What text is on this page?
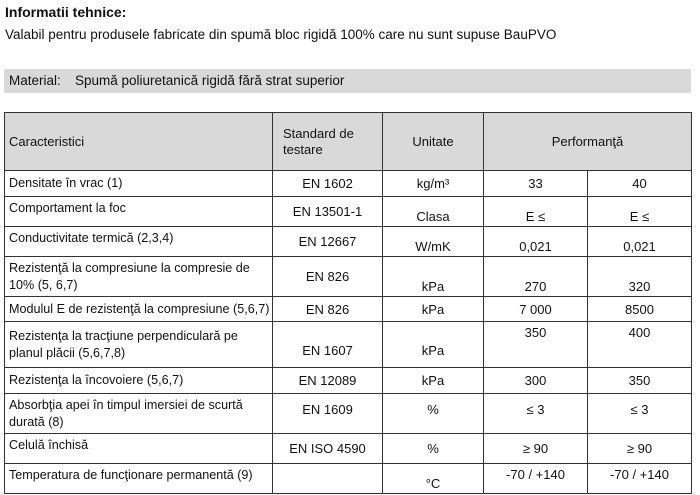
Informatii tehnice:
Valabil pentru produsele fabricate din spumă bloc rigidă 100% care nu sunt supuse BauPVO
Material: Spumă poliuretanică rigidă fără strat superior
Caracteristici	Standard de testare	Unitate	Performanţă	
Densitate în vrac (1)	EN 1602	kg/m³	33	40
Comportament la foc	EN 13501-1	Clasa	E ≤	E ≤
Conductivitate termică (2,3,4)	EN 12667	W/mK	0,021	0,021
Rezistenţă la compresiune la compresie de 10% (5, 6,7)	EN 826	kPa	270	320
Modulul E de rezistenţă la compresiune (5,6,7)	EN 826	kPa	7 000	8500
Rezistenţa la tracţiune perpendiculară pe planul plăcii (5,6,7,8)	EN 1607	kPa	350	400
Rezistenţa la încovoiere (5,6,7)	EN 12089	kPa	300	350
Absorbţia apei în timpul imersiei de scurtă durată (8)	EN 1609	%	≤ 3	≤ 3
Celulă închisă	EN ISO 4590	%	≥ 90	≥ 90
Temperatura de funcţionare permanentă (9)		°C	-70 / +140	-70 / +140
